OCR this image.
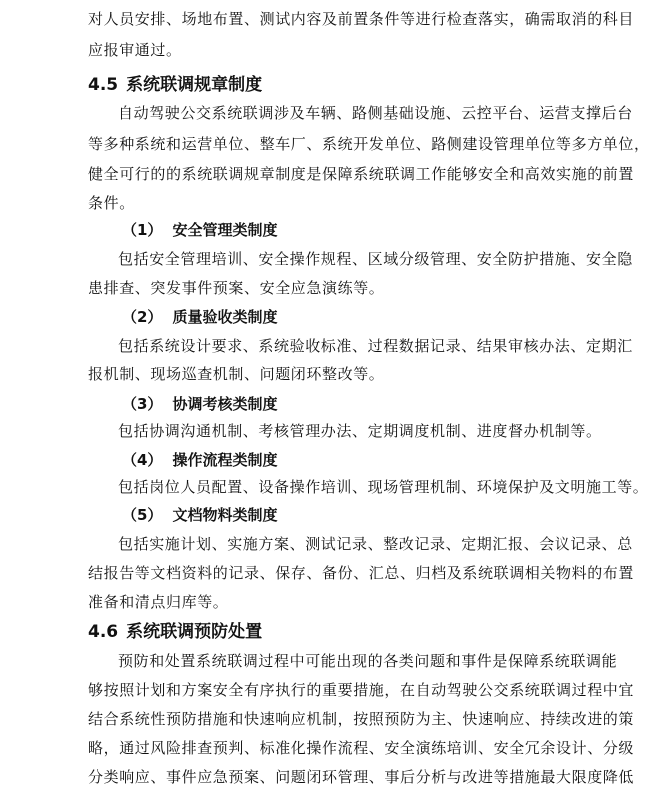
对人员安排、场地布置、测试内容及前置条件等进行检查落实，确需取消的科目
应报审通过。
4.5 系统联调规章制度
自动驾驶公交系统联调涉及车辆、路侧基础设施、云控平台、运营支撑后台
等多种系统和运营单位、整车厂、系统开发单位、路侧建设管理单位等多方单位，
健全可行的的系统联调规章制度是保障系统联调工作能够安全和高效实施的前置
条件。
（1） 安全管理类制度
包括安全管理培训、安全操作规程、区域分级管理、安全防护措施、安全隐
患排查、突发事件预案、安全应急演练等。
（2） 质量验收类制度
包括系统设计要求、系统验收标准、过程数据记录、结果审核办法、定期汇
报机制、现场巡查机制、问题闭环整改等。
（3） 协调考核类制度
包括协调沟通机制、考核管理办法、定期调度机制、进度督办机制等。
（4） 操作流程类制度
包括岗位人员配置、设备操作培训、现场管理机制、环境保护及文明施工等。
（5） 文档物料类制度
包括实施计划、实施方案、测试记录、整改记录、定期汇报、会议记录、总
结报告等文档资料的记录、保存、备份、汇总、归档及系统联调相关物料的布置
准备和清点归库等。
4.6 系统联调预防处置
预防和处置系统联调过程中可能出现的各类问题和事件是保障系统联调能
够按照计划和方案安全有序执行的重要措施，在自动驾驶公交系统联调过程中宜
结合系统性预防措施和快速响应机制，按照预防为主、快速响应、持续改进的策
略，通过风险排查预判、标准化操作流程、安全演练培训、安全冗余设计、分级
分类响应、事件应急预案、问题闭环管理、事后分析与改进等措施最大限度降低
